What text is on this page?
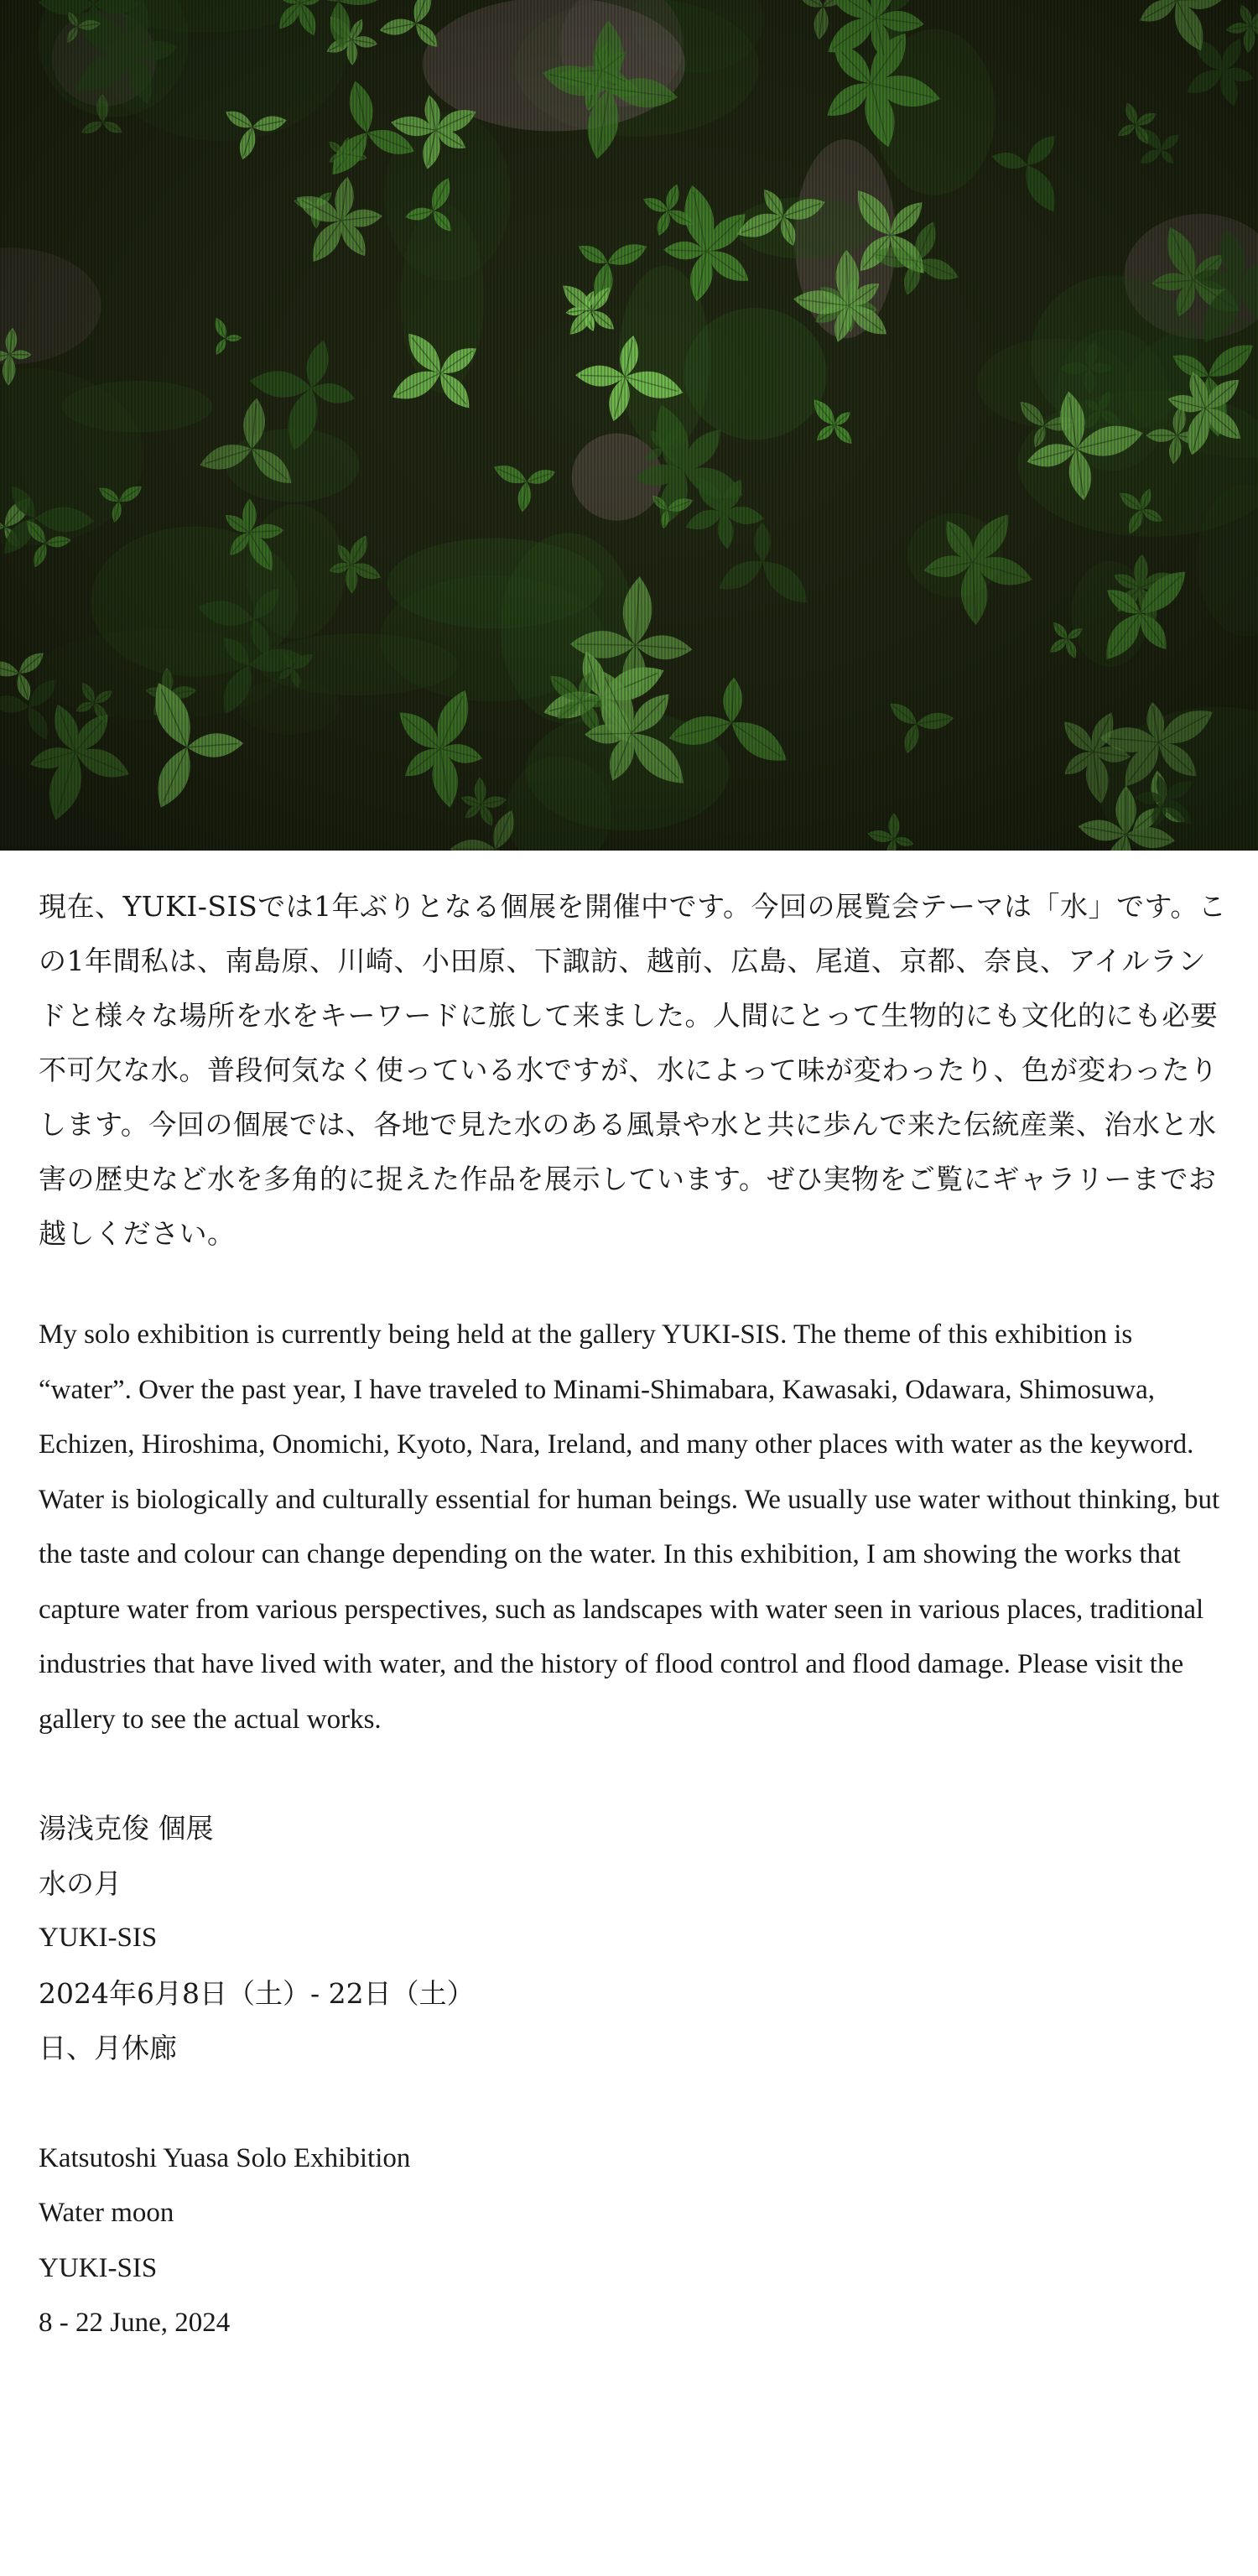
現在、YUKI-SISでは1年ぶりとなる個展を開催中です。今回の展覧会テーマは「水」です。この1年間私は、南島原、川崎、小田原、下諏訪、越前、広島、尾道、京都、奈良、アイルランドと様々な場所を水をキーワードに旅して来ました。人間にとって生物的にも文化的にも必要不可欠な水。普段何気なく使っている水ですが、水によって味が変わったり、色が変わったりします。今回の個展では、各地で見た水のある風景や水と共に歩んで来た伝統産業、治水と水害の歴史など水を多角的に捉えた作品を展示しています。ぜひ実物をご覧にギャラリーまでお越しください。

My solo exhibition is currently being held at the gallery YUKI-SIS. The theme of this exhibition is “water”. Over the past year, I have traveled to Minami-Shimabara, Kawasaki, Odawara, Shimosuwa, Echizen, Hiroshima, Onomichi, Kyoto, Nara, Ireland, and many other places with water as the keyword. Water is biologically and culturally essential for human beings. We usually use water without thinking, but the taste and colour can change depending on the water. In this exhibition, I am showing the works that capture water from various perspectives, such as landscapes with water seen in various places, traditional industries that have lived with water, and the history of flood control and flood damage. Please visit the gallery to see the actual works.

湯浅克俊 個展
水の月
YUKI-SIS
2024年6月8日（土）- 22日（土）
日、月休廊
Katsutoshi Yuasa Solo Exhibition
Water moon
YUKI-SIS
8 - 22 June, 2024
